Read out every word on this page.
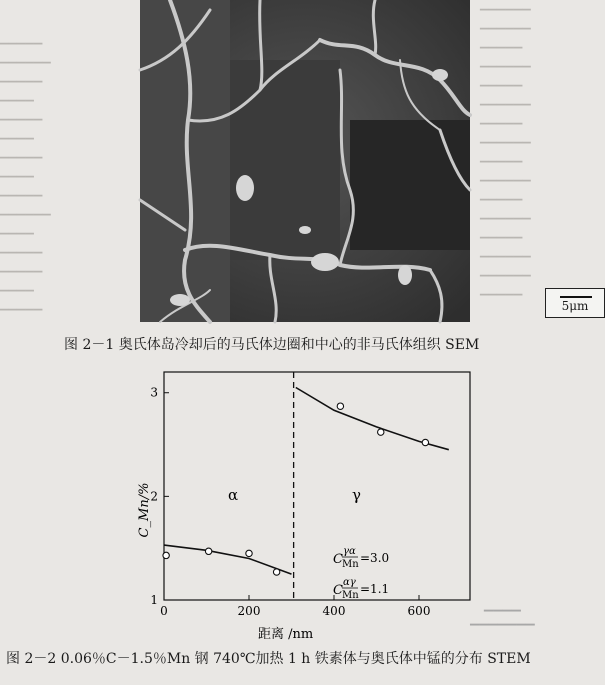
▔▔▔▔▔
▔▔▔▔▔▔
▔▔▔▔▔
▔▔▔▔
▔▔▔▔▔
▔▔▔▔
▔▔▔▔▔
▔▔▔▔
▔▔▔▔▔
▔▔▔▔▔▔
▔▔▔▔
▔▔▔▔▔
▔▔▔▔▔
▔▔▔▔
▔▔▔▔▔
▔▔▔▔▔▔
▔▔▔▔▔▔
▔▔▔▔▔
▔▔▔▔▔▔
▔▔▔▔▔
▔▔▔▔▔▔
▔▔▔▔▔
▔▔▔▔▔▔
▔▔▔▔▔
▔▔▔▔▔▔
▔▔▔▔▔
▔▔▔▔▔▔
▔▔▔▔▔
▔▔▔▔▔▔
▔▔▔▔▔▔
▔▔▔▔▔	5μm
图 2－1 奥氏体岛冷却后的马氏体边圈和中心的非马氏体组织 SEM
0	200	400	600
1
2
3
α	γ
C
γα
Mn =3.0
C
αγ
Mn =1.1
距离 /nm
C_Mn/%
图 2－2 0.06％C－1.5％Mn 钢 740℃加热 1 h 铁素体与奥氏体中锰的分布 STEM
▔▔▔▔
▔▔▔▔▔▔▔
